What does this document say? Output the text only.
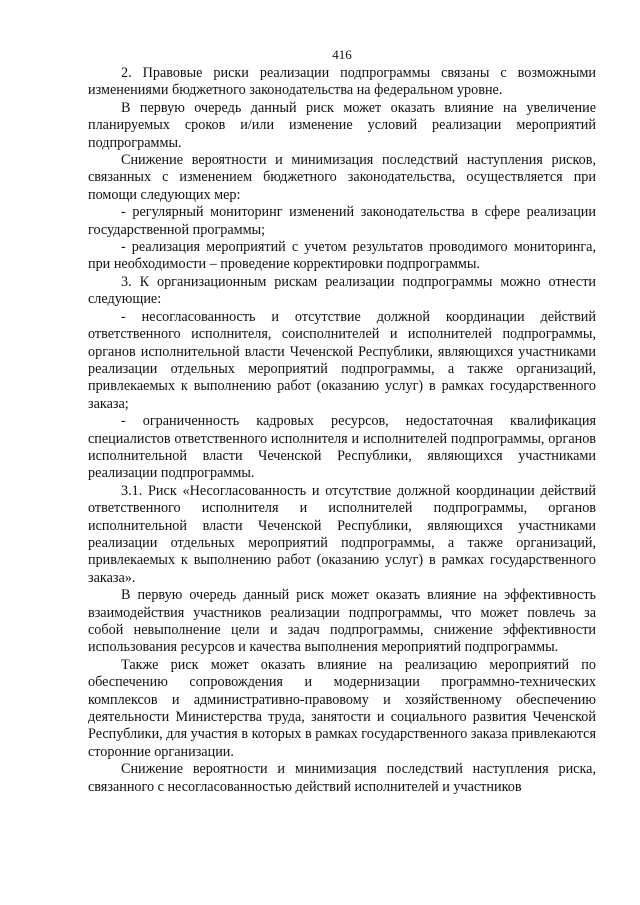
416

2. Правовые риски реализации подпрограммы связаны с возможными изменениями бюджетного законодательства на федеральном уровне.

В первую очередь данный риск может оказать влияние на увеличение планируемых сроков и/или изменение условий реализации мероприятий подпрограммы.

Снижение вероятности и минимизация последствий наступления рисков, связанных с изменением бюджетного законодательства, осуществляется при помощи следующих мер:

- регулярный мониторинг изменений законодательства в сфере реализации государственной программы;

- реализация мероприятий с учетом результатов проводимого мониторинга, при необходимости – проведение корректировки подпрограммы.

3. К организационным рискам реализации подпрограммы можно отнести следующие:

- несогласованность и отсутствие должной координации действий ответственного исполнителя, соисполнителей и исполнителей подпрограммы, органов исполнительной власти Чеченской Республики, являющихся участниками реализации отдельных мероприятий подпрограммы, а также организаций, привлекаемых к выполнению работ (оказанию услуг) в рамках государственного заказа;

- ограниченность кадровых ресурсов, недостаточная квалификация специалистов ответственного исполнителя и исполнителей подпрограммы, органов исполнительной власти Чеченской Республики, являющихся участниками реализации подпрограммы.

3.1. Риск «Несогласованность и отсутствие должной координации действий ответственного исполнителя и исполнителей подпрограммы, органов исполнительной власти Чеченской Республики, являющихся участниками реализации отдельных мероприятий подпрограммы, а также организаций, привлекаемых к выполнению работ (оказанию услуг) в рамках государственного заказа».

В первую очередь данный риск может оказать влияние на эффективность взаимодействия участников реализации подпрограммы, что может повлечь за собой невыполнение цели и задач подпрограммы, снижение эффективности использования ресурсов и качества выполнения мероприятий подпрограммы.

Также риск может оказать влияние на реализацию мероприятий по обеспечению сопровождения и модернизации программно-технических комплексов и административно-правовому и хозяйственному обеспечению деятельности Министерства труда, занятости и социального развития Чеченской Республики, для участия в которых в рамках государственного заказа привлекаются сторонние организации.

Снижение вероятности и минимизация последствий наступления риска, связанного с несогласованностью действий исполнителей и участников
